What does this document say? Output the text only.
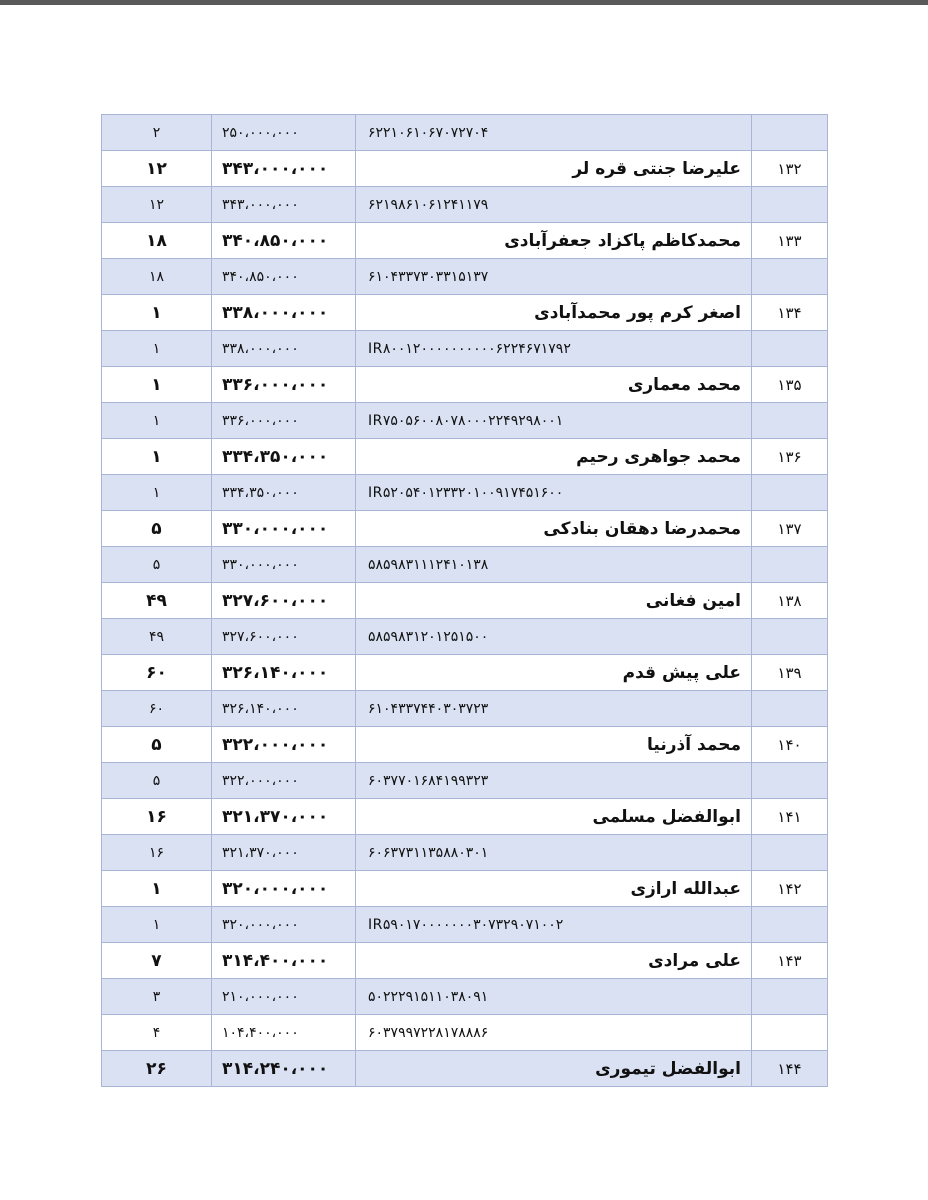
۲	۲۵۰،۰۰۰،۰۰۰	۶۲۲۱۰۶۱۰۶۷۰۷۲۷۰۴	
۱۲	۳۴۳،۰۰۰،۰۰۰	علیرضا جنتی قره لر	۱۳۲
۱۲	۳۴۳،۰۰۰،۰۰۰	۶۲۱۹۸۶۱۰۶۱۲۴۱۱۷۹	
۱۸	۳۴۰،۸۵۰،۰۰۰	محمدکاظم پاکزاد جعفرآبادی	۱۳۳
۱۸	۳۴۰،۸۵۰،۰۰۰	۶۱۰۴۳۳۷۳۰۳۳۱۵۱۳۷	
۱	۳۳۸،۰۰۰،۰۰۰	اصغر کرم پور محمدآبادی	۱۳۴
۱	۳۳۸،۰۰۰،۰۰۰	IR۸۰۰۱۲۰۰۰۰۰۰۰۰۰۰۶۲۲۴۶۷۱۷۹۲	
۱	۳۳۶،۰۰۰،۰۰۰	محمد معماری	۱۳۵
۱	۳۳۶،۰۰۰،۰۰۰	IR۷۵۰۵۶۰۰۸۰۷۸۰۰۰۲۲۴۹۲۹۸۰۰۱	
۱	۳۳۴،۳۵۰،۰۰۰	محمد جواهری رحیم	۱۳۶
۱	۳۳۴،۳۵۰،۰۰۰	IR۵۲۰۵۴۰۱۲۳۳۲۰۱۰۰۹۱۷۴۵۱۶۰۰	
۵	۳۳۰،۰۰۰،۰۰۰	محمدرضا دهقان بنادکی	۱۳۷
۵	۳۳۰،۰۰۰،۰۰۰	۵۸۵۹۸۳۱۱۱۲۴۱۰۱۳۸	
۴۹	۳۲۷،۶۰۰،۰۰۰	امین فغانی	۱۳۸
۴۹	۳۲۷،۶۰۰،۰۰۰	۵۸۵۹۸۳۱۲۰۱۲۵۱۵۰۰	
۶۰	۳۲۶،۱۴۰،۰۰۰	علی پیش قدم	۱۳۹
۶۰	۳۲۶،۱۴۰،۰۰۰	۶۱۰۴۳۳۷۴۴۰۳۰۳۷۲۳	
۵	۳۲۲،۰۰۰،۰۰۰	محمد آذرنیا	۱۴۰
۵	۳۲۲،۰۰۰،۰۰۰	۶۰۳۷۷۰۱۶۸۴۱۹۹۳۲۳	
۱۶	۳۲۱،۳۷۰،۰۰۰	ابوالفضل مسلمی	۱۴۱
۱۶	۳۲۱،۳۷۰،۰۰۰	۶۰۶۳۷۳۱۱۳۵۸۸۰۳۰۱	
۱	۳۲۰،۰۰۰،۰۰۰	عبدالله ارازی	۱۴۲
۱	۳۲۰،۰۰۰،۰۰۰	IR۵۹۰۱۷۰۰۰۰۰۰۰۳۰۷۳۲۹۰۷۱۰۰۲	
۷	۳۱۴،۴۰۰،۰۰۰	علی مرادی	۱۴۳
۳	۲۱۰،۰۰۰،۰۰۰	۵۰۲۲۲۹۱۵۱۱۰۳۸۰۹۱	
۴	۱۰۴،۴۰۰،۰۰۰	۶۰۳۷۹۹۷۲۲۸۱۷۸۸۸۶	
۲۶	۳۱۴،۲۴۰،۰۰۰	ابوالفضل تیموری	۱۴۴
